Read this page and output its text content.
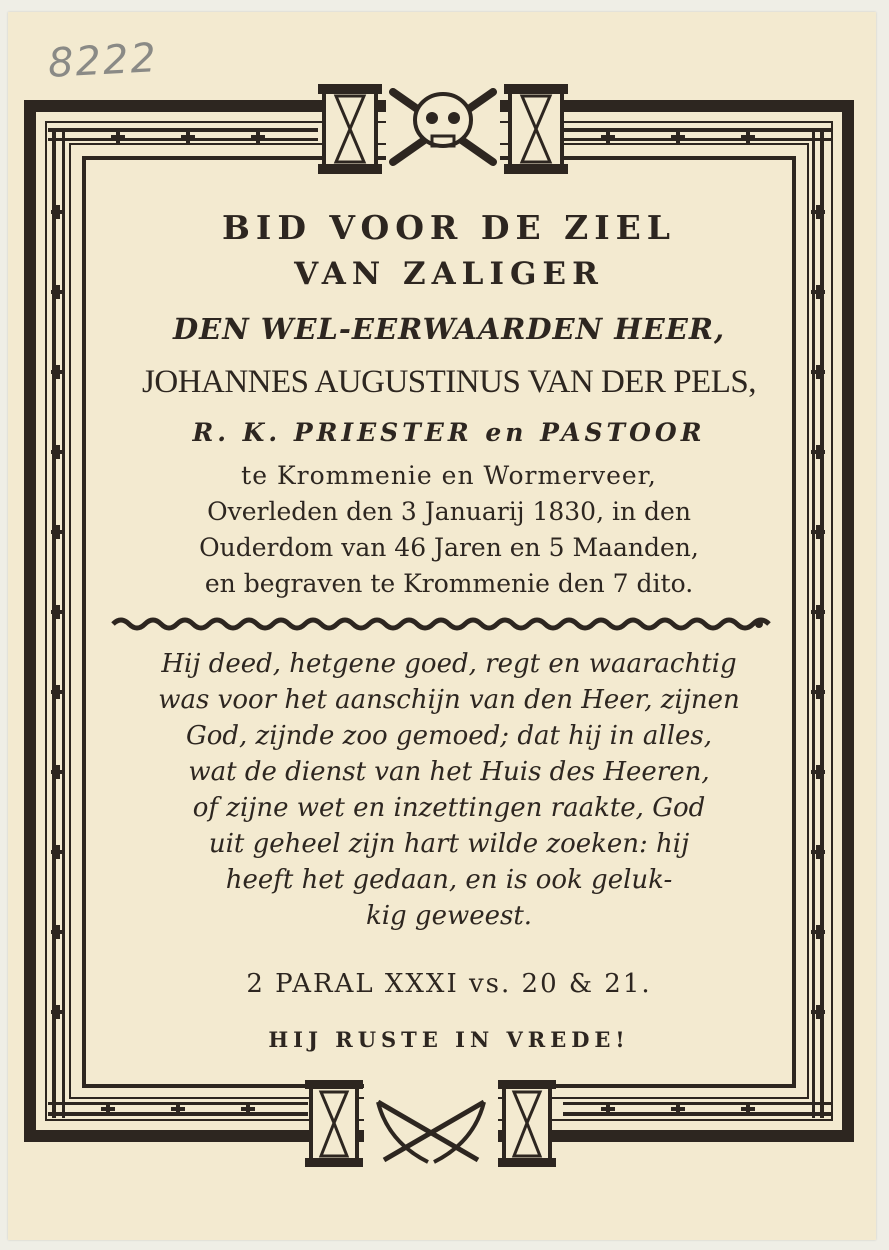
8222

BID VOOR DE ZIEL

VAN ZALIGER

DEN WEL-EERWAARDEN HEER,

JOHANNES AUGUSTINUS VAN DER PELS,

R. K. PRIESTER en PASTOOR

te Krommenie en Wormerveer,

Overleden den 3 Januarij 1830, in den

Ouderdom van 46 Jaren en 5 Maanden,

en begraven te Krommenie den 7 dito.

Hij deed, hetgene goed, regt en waarachtig

was voor het aanschijn van den Heer, zijnen

God, zijnde zoo gemoed; dat hij in alles,

wat de dienst van het Huis des Heeren,

of zijne wet en inzettingen raakte, God

uit geheel zijn hart wilde zoeken: hij

heeft het gedaan, en is ook geluk-

kig geweest.

2 PARAL XXXI vs. 20 & 21.

HIJ RUSTE IN VREDE!
